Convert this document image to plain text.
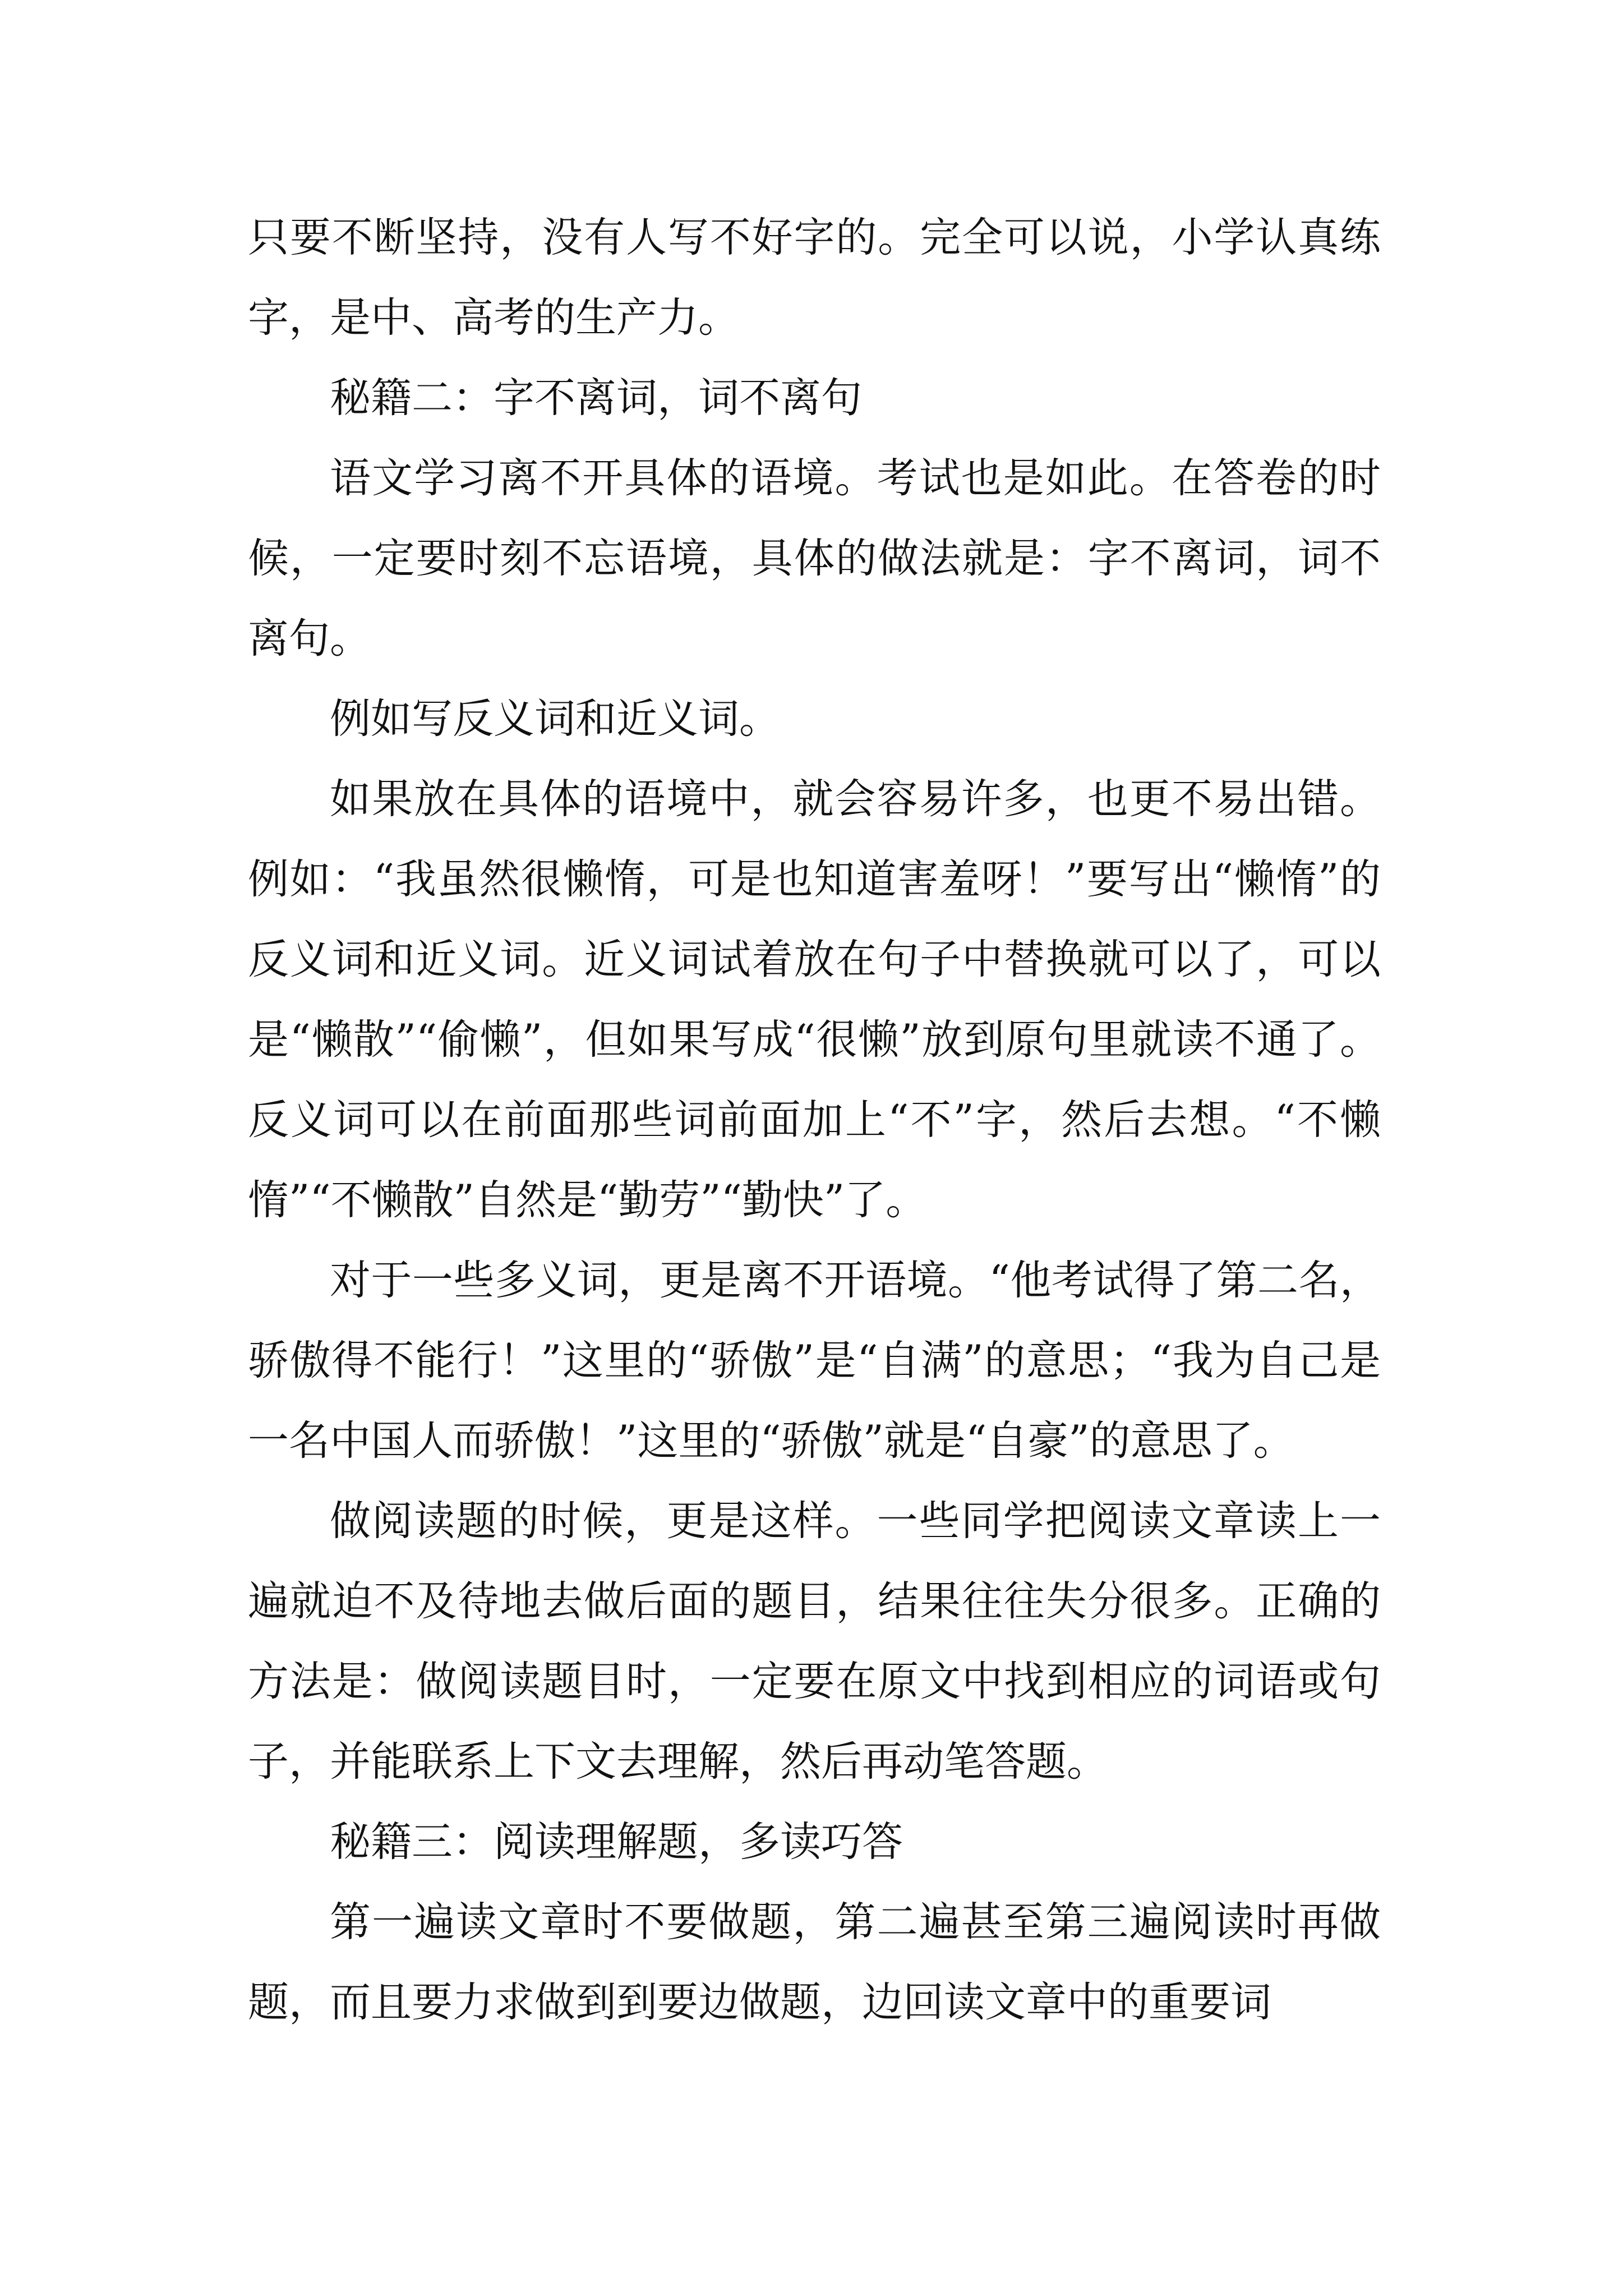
只要不断坚持，没有人写不好字的。完全可以说，小学认真练字，是中、高考的生产力。

秘籍二：字不离词，词不离句

语文学习离不开具体的语境。考试也是如此。在答卷的时候，一定要时刻不忘语境，具体的做法就是：字不离词，词不离句。

例如写反义词和近义词。

如果放在具体的语境中，就会容易许多，也更不易出错。例如：“我虽然很懒惰，可是也知道害羞呀！”要写出“懒惰”的反义词和近义词。近义词试着放在句子中替换就可以了，可以是“懒散”“偷懒”，但如果写成“很懒”放到原句里就读不通了。反义词可以在前面那些词前面加上“不”字，然后去想。“不懒惰”“不懒散”自然是“勤劳”“勤快”了。

对于一些多义词，更是离不开语境。“他考试得了第二名，骄傲得不能行！”这里的“骄傲”是“自满”的意思；“我为自己是一名中国人而骄傲！”这里的“骄傲”就是“自豪”的意思了。

做阅读题的时候，更是这样。一些同学把阅读文章读上一遍就迫不及待地去做后面的题目，结果往往失分很多。正确的方法是：做阅读题目时，一定要在原文中找到相应的词语或句子，并能联系上下文去理解，然后再动笔答题。

秘籍三：阅读理解题，多读巧答

第一遍读文章时不要做题，第二遍甚至第三遍阅读时再做题，而且要力求做到到要边做题，边回读文章中的重要词
